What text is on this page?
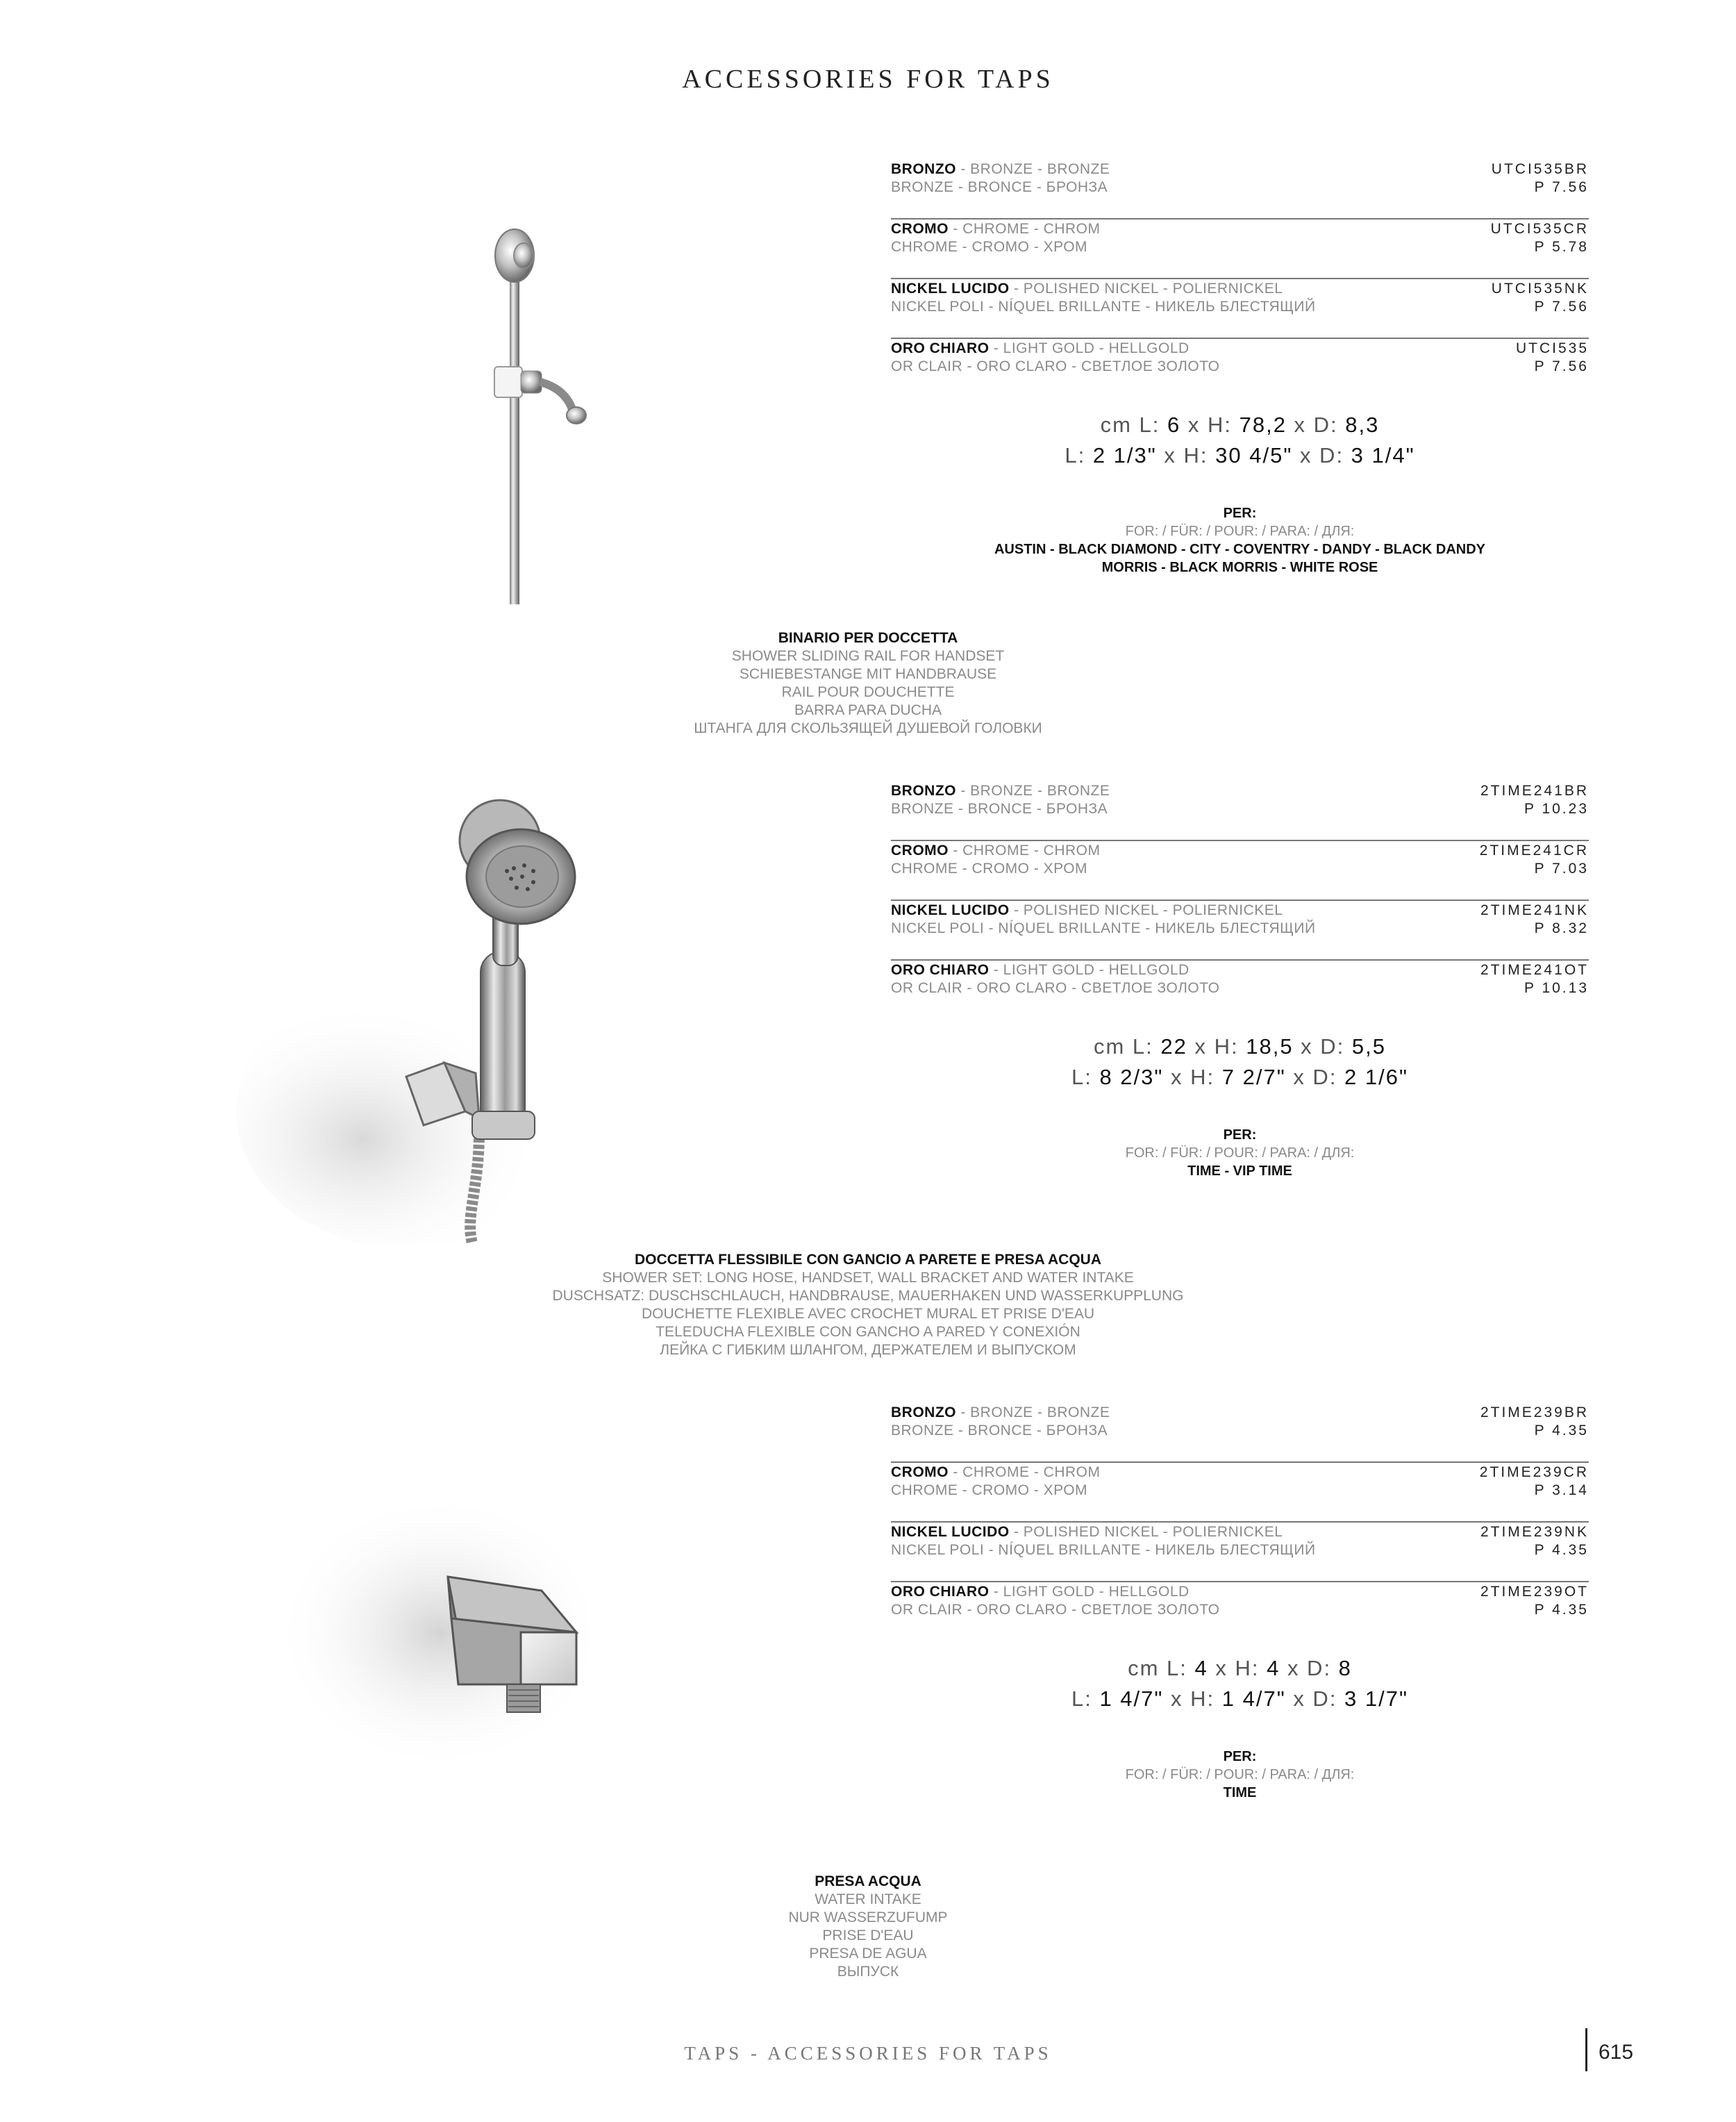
ACCESSORIES FOR TAPS
BRONZO - BRONZE - BRONZE
BRONZE - BRONCE - БРОНЗА
UTCI535BR
P 7.56
CROMO - CHROME - CHROM
CHROME - CROMO - ХРОМ
UTCI535CR
P 5.78
NICKEL LUCIDO - POLISHED NICKEL - POLIERNICKEL
NICKEL POLI - NÍQUEL BRILLANTE - НИКЕЛЬ БЛЕСТЯЩИЙ
UTCI535NK
P 7.56
ORO CHIARO - LIGHT GOLD - HELLGOLD
OR CLAIR - ORO CLARO - СВЕТЛОЕ ЗОЛОТО
UTCI535
P 7.56
cm L: 6 x H: 78,2 x D: 8,3
L: 2 1/3" x H: 30 4/5" x D: 3 1/4"
PER:
FOR: / FÜR: / POUR: / PARA: / ДЛЯ:
AUSTIN - BLACK DIAMOND - CITY - COVENTRY - DANDY - BLACK DANDY
MORRIS - BLACK MORRIS - WHITE ROSE
BINARIO PER DOCCETTA
SHOWER SLIDING RAIL FOR HANDSET
SCHIEBESTANGE MIT HANDBRAUSE
RAIL POUR DOUCHETTE
BARRA PARA DUCHA
ШТАНГА ДЛЯ СКОЛЬЗЯЩЕЙ ДУШЕВОЙ ГОЛОВКИ
BRONZO - BRONZE - BRONZE
BRONZE - BRONCE - БРОНЗА
2TIME241BR
P 10.23
CROMO - CHROME - CHROM
CHROME - CROMO - ХРОМ
2TIME241CR
P 7.03
NICKEL LUCIDO - POLISHED NICKEL - POLIERNICKEL
NICKEL POLI - NÍQUEL BRILLANTE - НИКЕЛЬ БЛЕСТЯЩИЙ
2TIME241NK
P 8.32
ORO CHIARO - LIGHT GOLD - HELLGOLD
OR CLAIR - ORO CLARO - СВЕТЛОЕ ЗОЛОТО
2TIME241OT
P 10.13
cm L: 22 x H: 18,5 x D: 5,5
L: 8 2/3" x H: 7 2/7" x D: 2 1/6"
PER:
FOR: / FÜR: / POUR: / PARA: / ДЛЯ:
TIME - VIP TIME
DOCCETTA FLESSIBILE CON GANCIO A PARETE E PRESA ACQUA
SHOWER SET: LONG HOSE, HANDSET, WALL BRACKET AND WATER INTAKE
DUSCHSATZ: DUSCHSCHLAUCH, HANDBRAUSE, MAUERHAKEN UND WASSERKUPPLUNG
DOUCHETTE FLEXIBLE AVEC CROCHET MURAL ET PRISE D'EAU
TELEDUCHA FLEXIBLE CON GANCHO A PARED Y CONEXIÓN
ЛЕЙКА С ГИБКИМ ШЛАНГОМ, ДЕРЖАТЕЛЕМ И ВЫПУСКОМ
BRONZO - BRONZE - BRONZE
BRONZE - BRONCE - БРОНЗА
2TIME239BR
P 4.35
CROMO - CHROME - CHROM
CHROME - CROMO - ХРОМ
2TIME239CR
P 3.14
NICKEL LUCIDO - POLISHED NICKEL - POLIERNICKEL
NICKEL POLI - NÍQUEL BRILLANTE - НИКЕЛЬ БЛЕСТЯЩИЙ
2TIME239NK
P 4.35
ORO CHIARO - LIGHT GOLD - HELLGOLD
OR CLAIR - ORO CLARO - СВЕТЛОЕ ЗОЛОТО
2TIME239OT
P 4.35
cm L: 4 x H: 4 x D: 8
L: 1 4/7" x H: 1 4/7" x D: 3 1/7"
PER:
FOR: / FÜR: / POUR: / PARA: / ДЛЯ:
TIME
PRESA ACQUA
WATER INTAKE
NUR WASSERZUFUMP
PRISE D'EAU
PRESA DE AGUA
ВЫПУСК
TAPS - ACCESSORIES FOR TAPS	615
